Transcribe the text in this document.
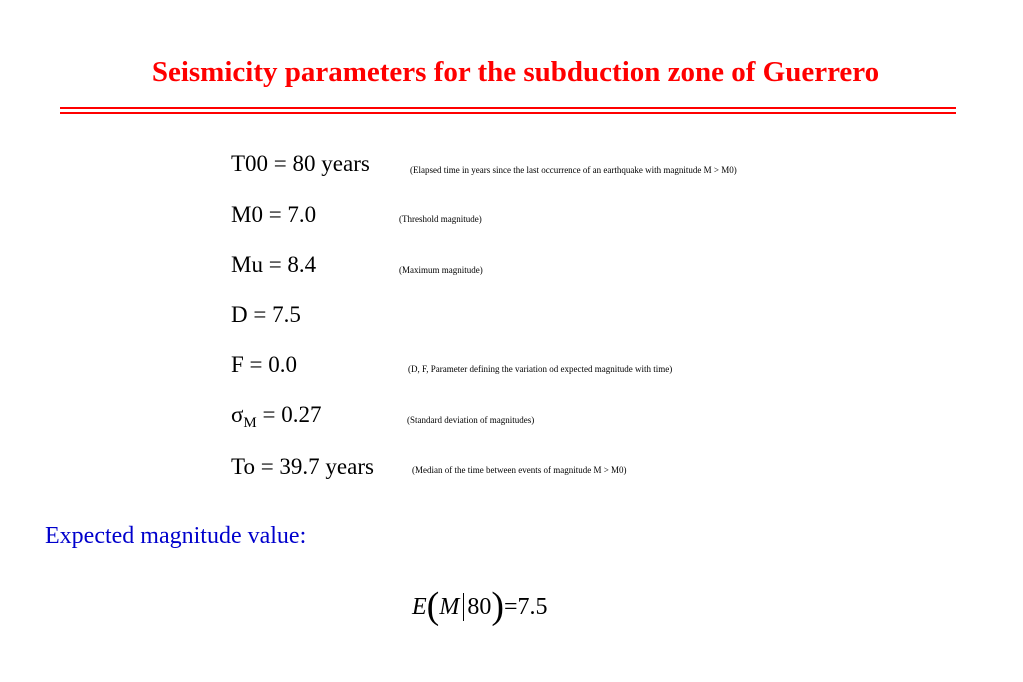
Seismicity parameters for the subduction zone of Guerrero
T00 = 80 years	(Elapsed time in years since the last occurrence of an earthquake with magnitude M > M0)
M0 = 7.0	(Threshold magnitude)
Mu = 8.4	(Maximum magnitude)
D = 7.5
F = 0.0	(D, F, Parameter defining the variation od expected magnitude with time)
$\sigma_M = 0.27$	(Standard deviation of magnitudes)
To = 39.7 years	(Median of the time between events of magnitude M > M0)
Expected magnitude value:
E ( M 80 ) =7.5
